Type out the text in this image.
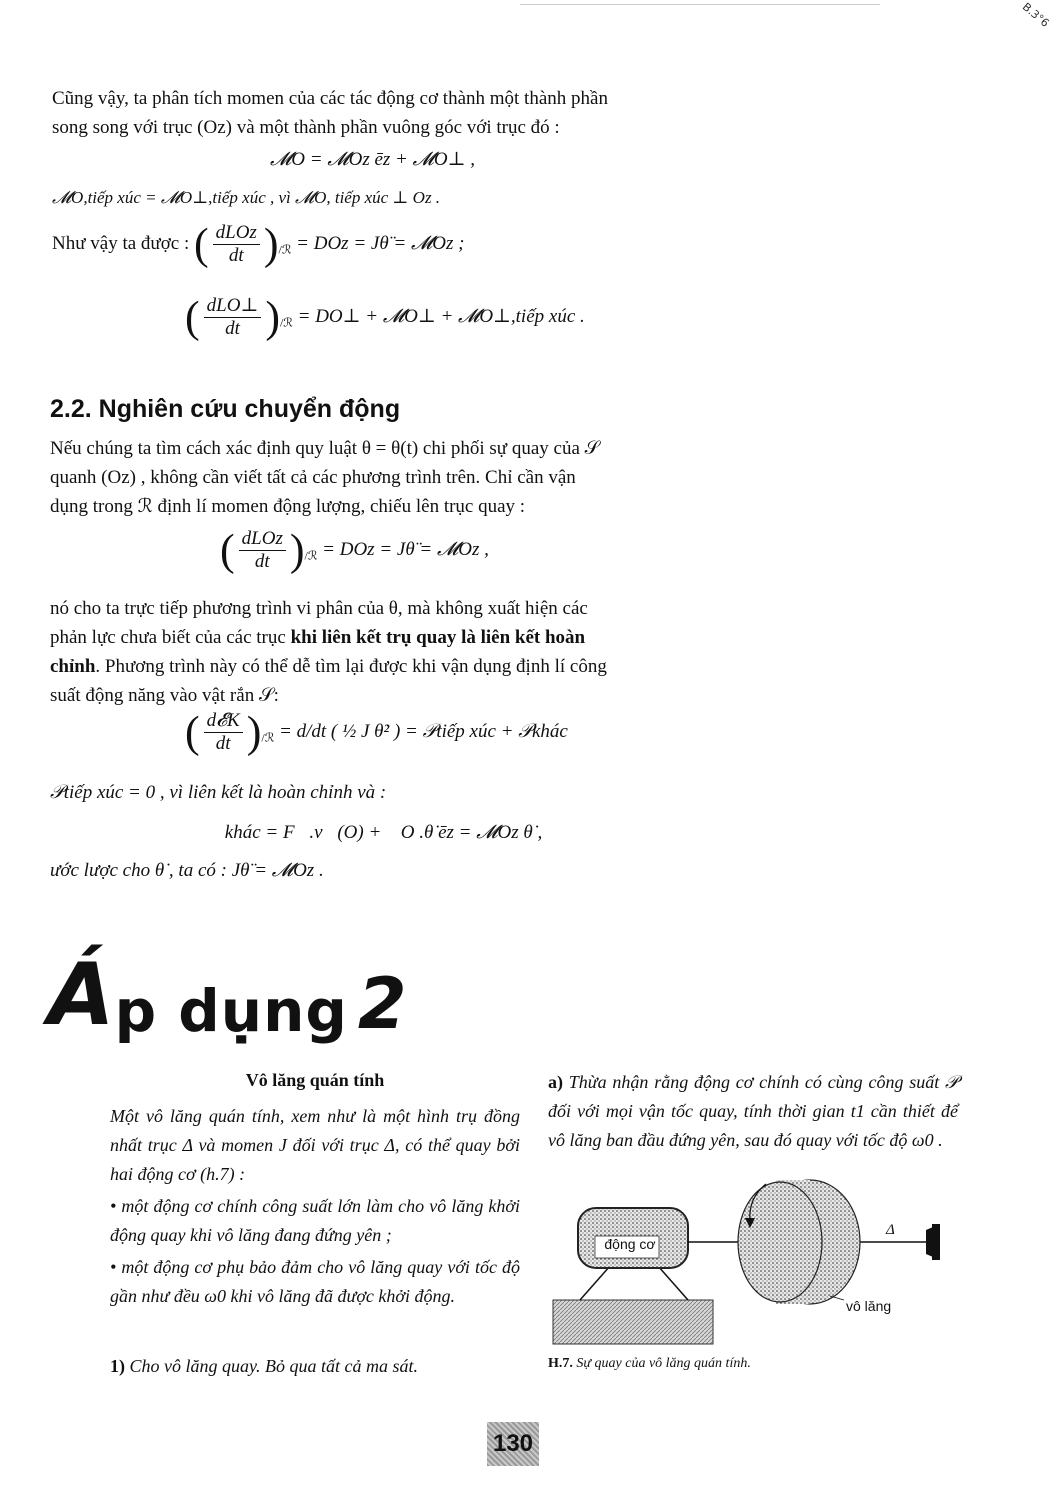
B.3°6
Cũng vậy, ta phân tích momen của các tác động cơ thành một thành phần
song song với trục (Oz) và một thành phần vuông góc với trục đó :
𝓜O = 𝓜Oz ēz + 𝓜O⊥ ,
𝓜O,tiếp xúc = 𝓜O⊥,tiếp xúc , vì 𝓜O, tiếp xúc ⊥ Oz .
Như vậy ta được : ( $\frac{\text{dLOz}}{dt} )_{/ℛ}$ = DOz = Jθ̈ = 𝓜Oz ;
( $\frac{\text{dLO⊥}}{dt} )_{/ℛ}$ = DO⊥ + 𝓜O⊥ + 𝓜O⊥,tiếp xúc .
2.2. Nghiên cứu chuyển động
Nếu chúng ta tìm cách xác định quy luật θ = θ(t) chi phối sự quay của 𝒮
quanh (Oz) , không cần viết tất cả các phương trình trên. Chỉ cần vận
dụng trong ℛ định lí momen động lượng, chiếu lên trục quay :
( $\frac{\text{dLOz}}{dt} )_{/ℛ}$ = DOz = Jθ̈ = 𝓜Oz ,
nó cho ta trực tiếp phương trình vi phân của θ, mà không xuất hiện các
phản lực chưa biết của các trục khi liên kết trụ quay là liên kết hoàn
chỉnh. Phương trình này có thể dễ tìm lại được khi vận dụng định lí công
suất động năng vào vật rắn 𝒮:
( $\frac{\text{d𝓔K}}{dt} )_{/ℛ} = d/dt$ ( ½ J θ̇² ) = 𝒫tiếp xúc + 𝒫khác
𝒫tiếp xúc = 0 , vì liên kết là hoàn chỉnh và :
𝒫khác = F⃗.v⃗(O) + 𝓜O .θ̇ ēz = 𝓜Oz θ̇ ,
ước lược cho θ̇ , ta có : Jθ̈ = 𝓜Oz .
Áp dụng 2
Vô lăng quán tính
Một vô lăng quán tính, xem như là một hình trụ đồng nhất trục Δ và momen J đối với trục Δ, có thể quay bởi hai động cơ (h.7) :
• một động cơ chính công suất lớn làm cho vô lăng khởi động quay khi vô lăng đang đứng yên ;
• một động cơ phụ bảo đảm cho vô lăng quay với tốc độ gần như đều ω0 khi vô lăng đã được khởi động.
1) Cho vô lăng quay. Bỏ qua tất cả ma sát.
a) Thừa nhận rằng động cơ chính có cùng công suất 𝒫 đối với mọi vận tốc quay, tính thời gian t1 cần thiết để vô lăng ban đầu đứng yên, sau đó quay với tốc độ ω0 .
động cơ
Δ
vô lăng
H.7. Sự quay của vô lăng quán tính.
130
